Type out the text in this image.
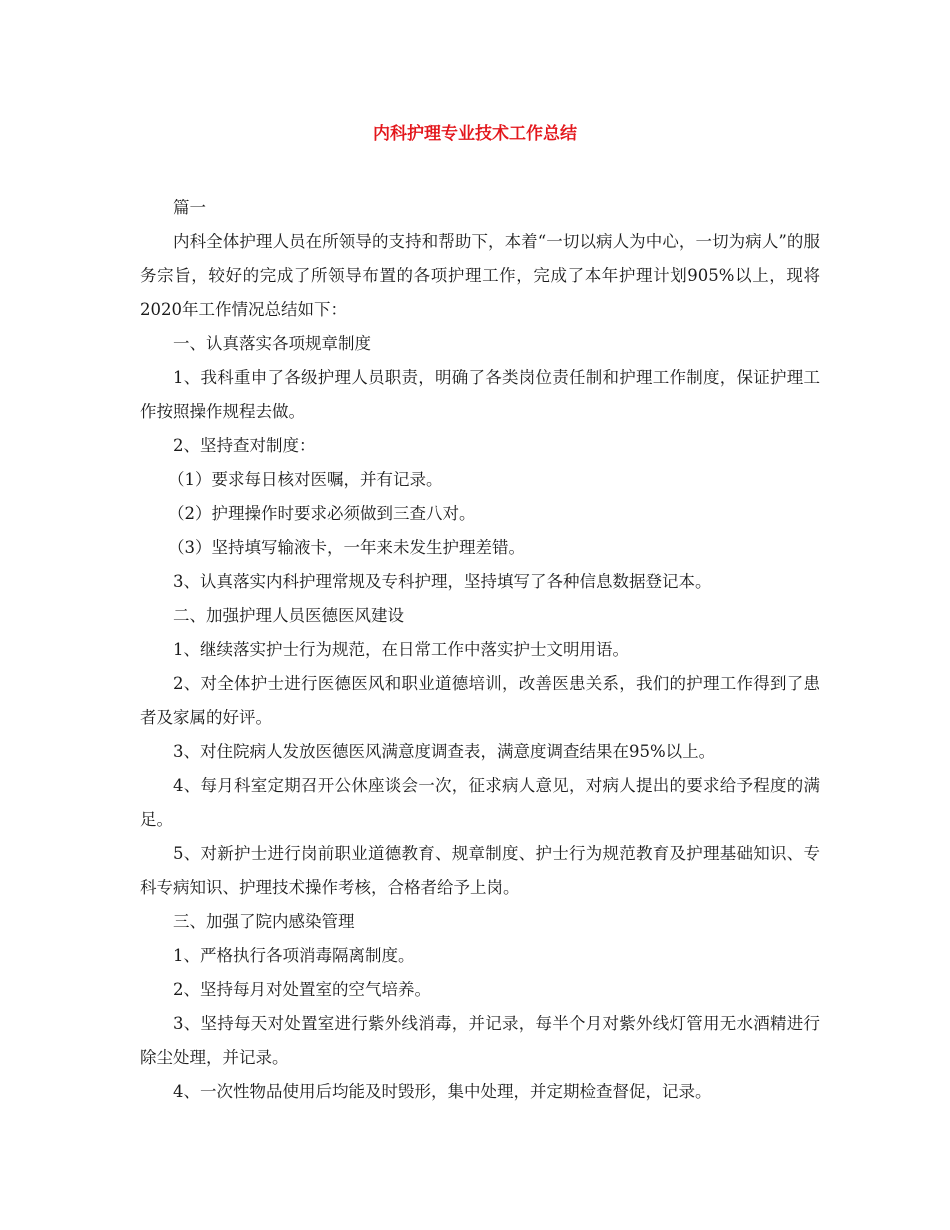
内科护理专业技术工作总结

篇一

内科全体护理人员在所领导的支持和帮助下，本着“一切以病人为中心，一切为病人”的服务宗旨，较好的完成了所领导布置的各项护理工作，完成了本年护理计划905%以上，现将2020年工作情况总结如下：

一、认真落实各项规章制度

1、我科重申了各级护理人员职责，明确了各类岗位责任制和护理工作制度，保证护理工作按照操作规程去做。

2、坚持查对制度：

（1）要求每日核对医嘱，并有记录。

（2）护理操作时要求必须做到三查八对。

（3）坚持填写输液卡，一年来未发生护理差错。

3、认真落实内科护理常规及专科护理，坚持填写了各种信息数据登记本。

二、加强护理人员医德医风建设

1、继续落实护士行为规范，在日常工作中落实护士文明用语。

2、对全体护士进行医德医风和职业道德培训，改善医患关系，我们的护理工作得到了患者及家属的好评。

3、对住院病人发放医德医风满意度调查表，满意度调查结果在95%以上。

4、每月科室定期召开公休座谈会一次，征求病人意见，对病人提出的要求给予程度的满足。

5、对新护士进行岗前职业道德教育、规章制度、护士行为规范教育及护理基础知识、专科专病知识、护理技术操作考核，合格者给予上岗。

三、加强了院内感染管理

1、严格执行各项消毒隔离制度。

2、坚持每月对处置室的空气培养。

3、坚持每天对处置室进行紫外线消毒，并记录，每半个月对紫外线灯管用无水酒精进行除尘处理，并记录。

4、一次性物品使用后均能及时毁形，集中处理，并定期检查督促，记录。
